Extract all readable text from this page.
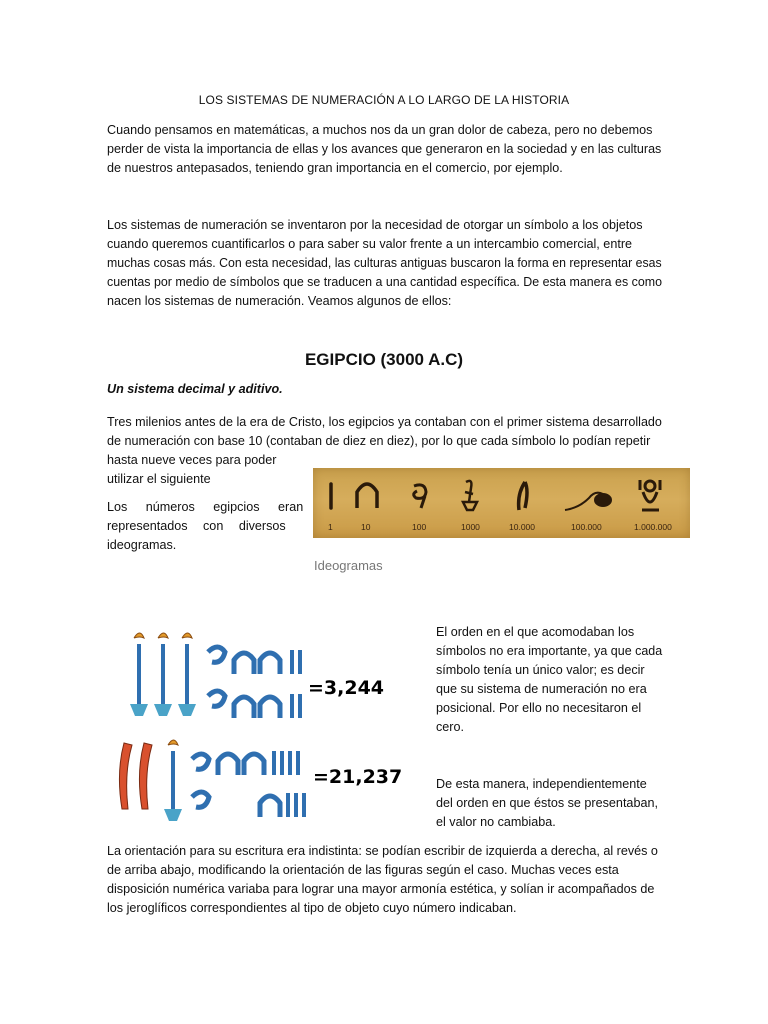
LOS SISTEMAS DE NUMERACIÓN A LO LARGO DE LA HISTORIA
Cuando pensamos en matemáticas, a muchos nos da un gran dolor de cabeza, pero no debemos
perder de vista la importancia de ellas y los avances que generaron en la sociedad y en las culturas
de nuestros antepasados, teniendo gran importancia en el comercio, por ejemplo.
Los sistemas de numeración se inventaron por la necesidad de otorgar un símbolo a los objetos
cuando queremos cuantificarlos o para saber su valor frente a un intercambio comercial, entre
muchas cosas más. Con esta necesidad, las culturas antiguas buscaron la forma en representar esas
cuentas por medio de símbolos que se traducen a una cantidad específica. De esta manera es como
nacen los sistemas de numeración. Veamos algunos de ellos:
EGIPCIO (3000 A.C)
Un sistema decimal y aditivo.
Tres milenios antes de la era de Cristo, los egipcios ya contaban con el primer sistema desarrollado
de numeración con base 10 (contaban de diez en diez), por lo que cada símbolo lo podían repetir
hasta nueve veces para poder
utilizar el siguiente
Los números egipcios eran
representados con diversos
ideogramas.
1	10	100	1000	10.000	100.000	1.000.000
Ideogramas
=3,244
=21,237
El orden en el que acomodaban los
símbolos no era importante, ya que cada
símbolo tenía un único valor; es decir
que su sistema de numeración no era
posicional. Por ello no necesitaron el
cero.
De esta manera, independientemente
del orden en que éstos se presentaban,
el valor no cambiaba.
La orientación para su escritura era indistinta: se podían escribir de izquierda a derecha, al revés o
de arriba abajo, modificando la orientación de las figuras según el caso. Muchas veces esta
disposición numérica variaba para lograr una mayor armonía estética, y solían ir acompañados de
los jeroglíficos correspondientes al tipo de objeto cuyo número indicaban.
